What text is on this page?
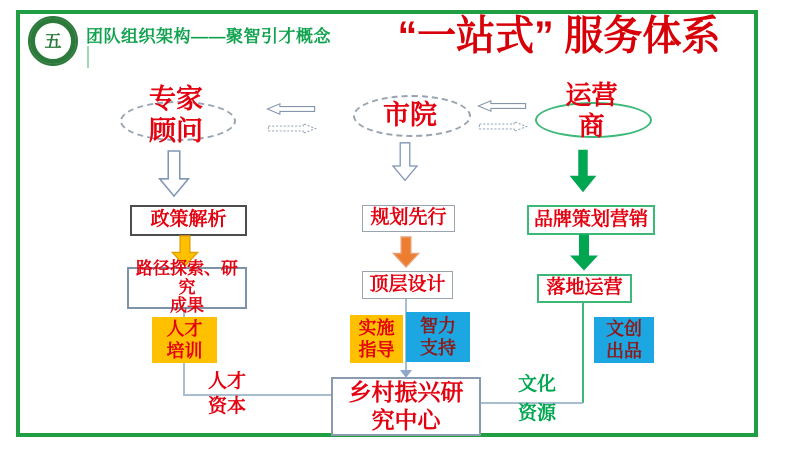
五 团队组织架构——聚智引才概念	“一站式” 服务体系
专家
顾问
市院
运营
商
政策解析	规划先行	品牌策划营销
路径探索、研究
成果
顶层设计	落地运营
人才
培训
实施
指导
智力
支持
文创
出品
乡村振兴研
究中心
人才
资本
文化
资源
